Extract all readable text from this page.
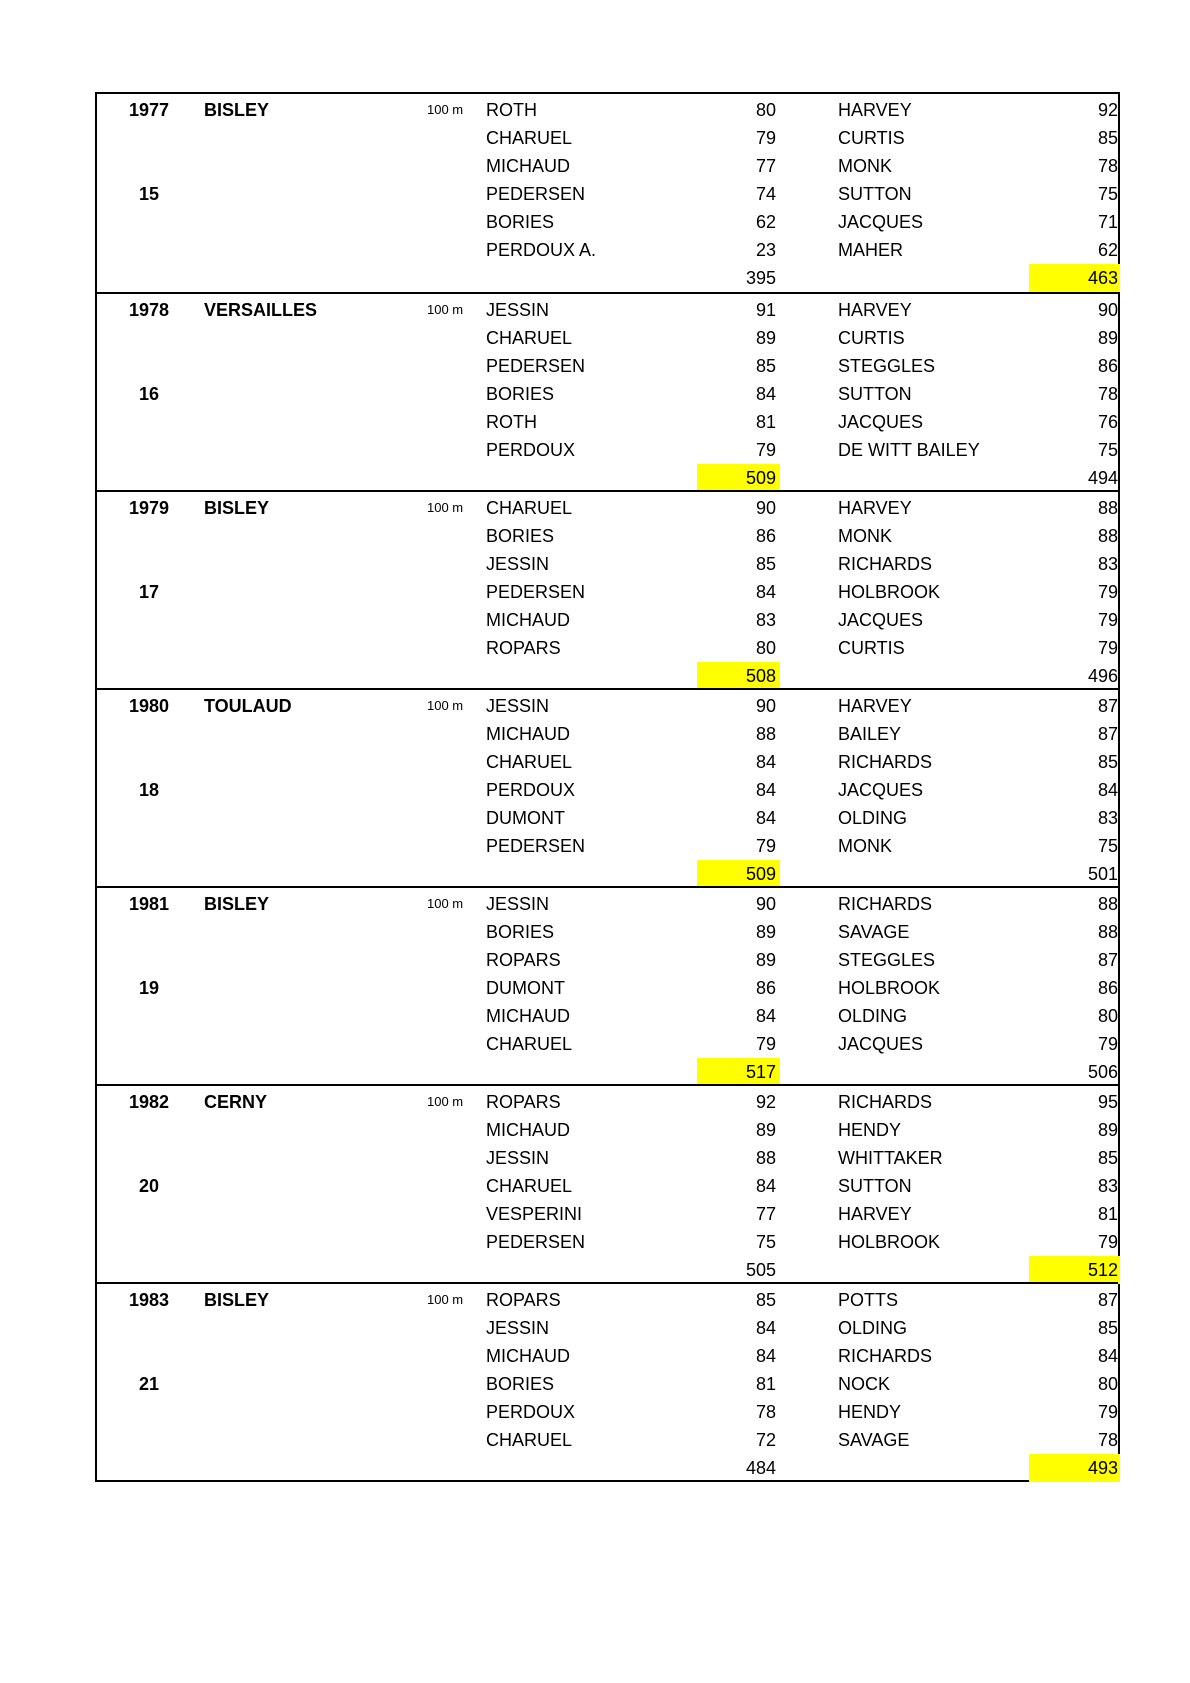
1977 BISLEY	100 m ROTH	80	HARVEY	92
CHARUEL	79	CURTIS	85
MICHAUD	77	MONK	78
15	PEDERSEN	74	SUTTON	75
BORIES	62	JACQUES	71
PERDOUX A.	23	MAHER	62
395	463
1978 VERSAILLES	100 m JESSIN	91	HARVEY	90
CHARUEL	89	CURTIS	89
PEDERSEN	85	STEGGLES	86
16	BORIES	84	SUTTON	78
ROTH	81	JACQUES	76
PERDOUX	79	DE WITT BAILEY	75
509	494
1979 BISLEY	100 m CHARUEL	90	HARVEY	88
BORIES	86	MONK	88
JESSIN	85	RICHARDS	83
17	PEDERSEN	84	HOLBROOK	79
MICHAUD	83	JACQUES	79
ROPARS	80	CURTIS	79
508	496
1980 TOULAUD	100 m JESSIN	90	HARVEY	87
MICHAUD	88	BAILEY	87
CHARUEL	84	RICHARDS	85
18	PERDOUX	84	JACQUES	84
DUMONT	84	OLDING	83
PEDERSEN	79	MONK	75
509	501
1981 BISLEY	100 m JESSIN	90	RICHARDS	88
BORIES	89	SAVAGE	88
ROPARS	89	STEGGLES	87
19	DUMONT	86	HOLBROOK	86
MICHAUD	84	OLDING	80
CHARUEL	79	JACQUES	79
517	506
1982 CERNY	100 m ROPARS	92	RICHARDS	95
MICHAUD	89	HENDY	89
JESSIN	88	WHITTAKER	85
20	CHARUEL	84	SUTTON	83
VESPERINI	77	HARVEY	81
PEDERSEN	75	HOLBROOK	79
505	512
1983 BISLEY	100 m ROPARS	85	POTTS	87
JESSIN	84	OLDING	85
MICHAUD	84	RICHARDS	84
21	BORIES	81	NOCK	80
PERDOUX	78	HENDY	79
CHARUEL	72	SAVAGE	78
484	493
